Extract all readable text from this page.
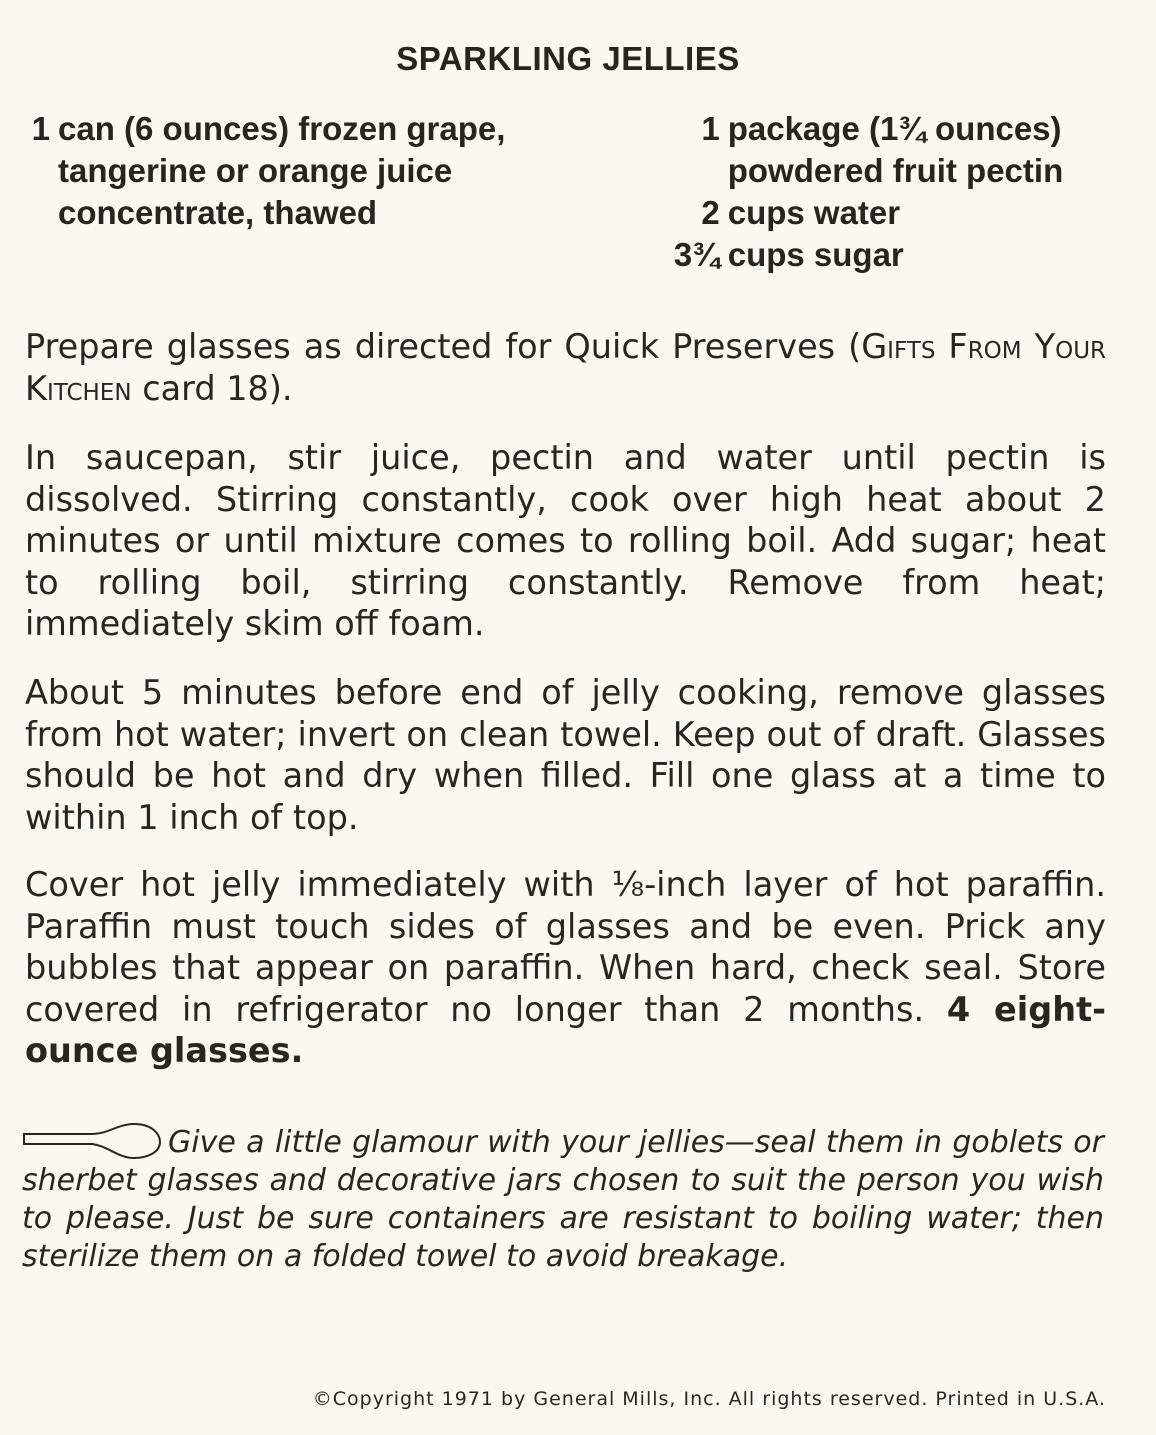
SPARKLING JELLIES
1 can (6 ounces) frozen grape, tangerine or orange juice concentrate, thawed
1 package (1¾ ounces) powdered fruit pectin
2 cups water
3¾ cups sugar

Prepare glasses as directed for Quick Preserves (Gifts From Your Kitchen card 18).

In saucepan, stir juice, pectin and water until pectin is dissolved. Stirring constantly, cook over high heat about 2 minutes or until mixture comes to rolling boil. Add sugar; heat to rolling boil, stirring constantly. Remove from heat; immediately skim off foam.

About 5 minutes before end of jelly cooking, remove glasses from hot water; invert on clean towel. Keep out of draft. Glasses should be hot and dry when filled. Fill one glass at a time to within 1 inch of top.

Cover hot jelly immediately with ⅛-inch layer of hot paraffin. Paraffin must touch sides of glasses and be even. Prick any bubbles that appear on paraffin. When hard, check seal. Store covered in refrigerator no longer than 2 months. 4 eight-ounce glasses.

Give a little glamour with your jellies—seal them in goblets or sherbet glasses and decorative jars chosen to suit the person you wish to please. Just be sure containers are resistant to boiling water; then sterilize them on a folded towel to avoid breakage.
©Copyright 1971 by General Mills, Inc. All rights reserved. Printed in U.S.A.
